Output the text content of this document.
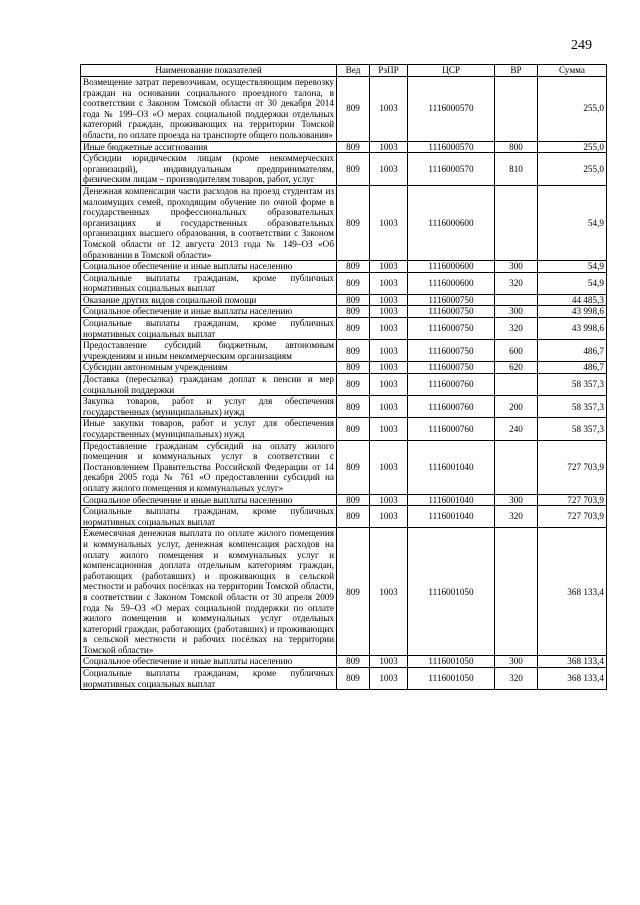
249
Наименование показателей	Вед	РзПР	ЦСР	ВР	Сумма
Возмещение затрат перевозчикам, осуществляющим перевозку граждан на основании социального проездного талона, в соответствии с Законом Томской области от 30 декабря 2014 года № 199–ОЗ «О мерах социальной поддержки отдельных категорий граждан, проживающих на территории Томской области, по оплате проезда на транспорте общего пользования»	809	1003	1116000570		255,0
Иные бюджетные ассигнования	809	1003	1116000570	800	255,0
Субсидии юридическим лицам (кроме некоммерческих организаций), индивидуальным предпринимателям, физическим лицам – производителям товаров, работ, услуг	809	1003	1116000570	810	255,0
Денежная компенсация части расходов на проезд студентам из малоимущих семей, проходящим обучение по очной форме в государственных профессиональных образовательных организациях и государственных образовательных организациях высшего образования, в соответствии с Законом Томской области от 12 августа 2013 года № 149–ОЗ «Об образовании в Томской области»	809	1003	1116000600		54,9
Социальное обеспечение и иные выплаты населению	809	1003	1116000600	300	54,9
Социальные выплаты гражданам, кроме публичных нормативных социальных выплат	809	1003	1116000600	320	54,9
Оказание других видов социальной помощи	809	1003	1116000750		44 485,3
Социальное обеспечение и иные выплаты населению	809	1003	1116000750	300	43 998,6
Социальные выплаты гражданам, кроме публичных нормативных социальных выплат	809	1003	1116000750	320	43 998,6
Предоставление субсидий бюджетным, автономным учреждениям и иным некоммерческим организациям	809	1003	1116000750	600	486,7
Субсидии автономным учреждениям	809	1003	1116000750	620	486,7
Доставка (пересылка) гражданам доплат к пенсии и мер социальной поддержки	809	1003	1116000760		58 357,3
Закупка товаров, работ и услуг для обеспечения государственных (муниципальных) нужд	809	1003	1116000760	200	58 357,3
Иные закупки товаров, работ и услуг для обеспечения государственных (муниципальных) нужд	809	1003	1116000760	240	58 357,3
Предоставление гражданам субсидий на оплату жилого помещения и коммунальных услуг в соответствии с Постановлением Правительства Российской Федерации от 14 декабря 2005 года № 761 «О предоставлении субсидий на оплату жилого помещения и коммунальных услуг»	809	1003	1116001040		727 703,9
Социальное обеспечение и иные выплаты населению	809	1003	1116001040	300	727 703,9
Социальные выплаты гражданам, кроме публичных нормативных социальных выплат	809	1003	1116001040	320	727 703,9
Ежемесячная денежная выплата по оплате жилого помещения и коммунальных услуг, денежная компенсация расходов на оплату жилого помещения и коммунальных услуг и компенсационная доплата отдельным категориям граждан, работающих (работавших) и проживающих в сельской местности и рабочих посёлках на территории Томской области, в соответствии с Законом Томской области от 30 апреля 2009 года № 59–ОЗ «О мерах социальной поддержки по оплате жилого помещения и коммунальных услуг отдельных категорий граждан, работающих (работавших) и проживающих в сельской местности и рабочих посёлках на территории Томской области»	809	1003	1116001050		368 133,4
Социальное обеспечение и иные выплаты населению	809	1003	1116001050	300	368 133,4
Социальные выплаты гражданам, кроме публичных нормативных социальных выплат	809	1003	1116001050	320	368 133,4
